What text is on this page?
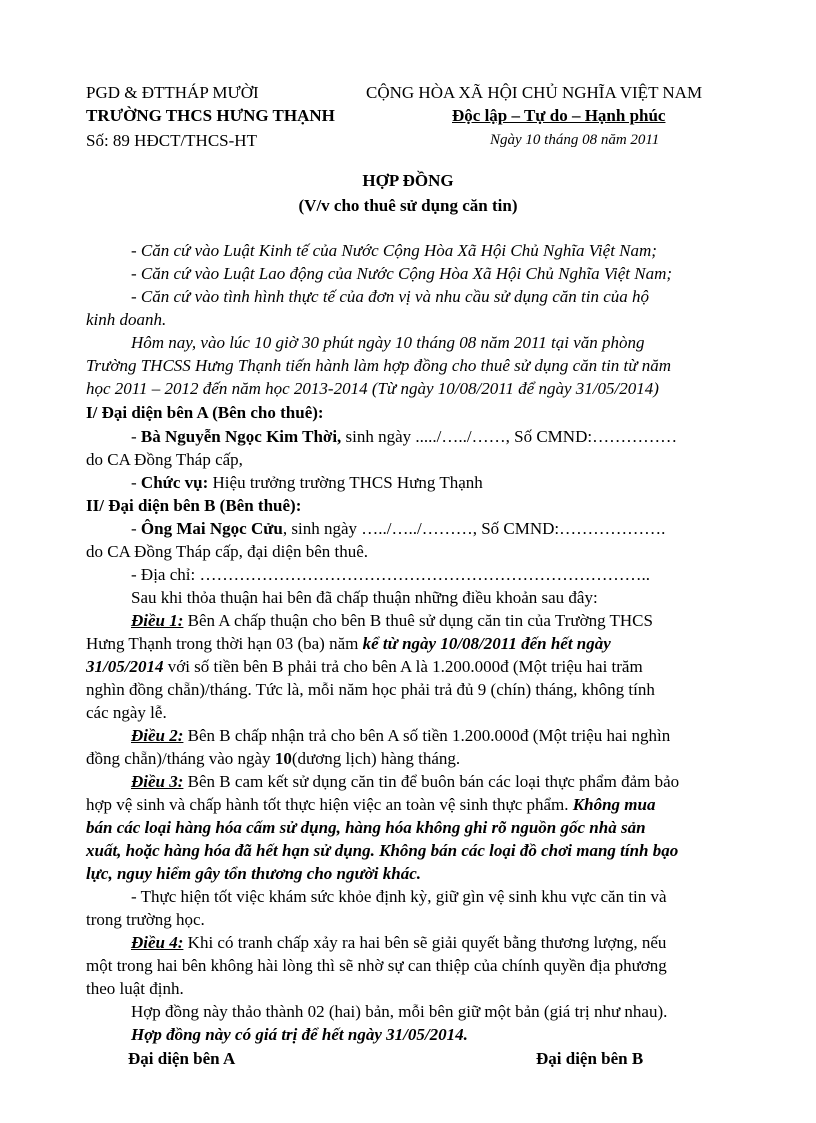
PGD & ĐTTHÁP MƯỜI
TRƯỜNG THCS HƯNG THẠNH
Số: 89 HĐCT/THCS-HT
CỘNG HÒA XÃ HỘI CHỦ NGHĨA VIỆT NAM
Độc lập – Tự do – Hạnh phúc
Ngày 10 tháng 08 năm 2011
HỢP ĐỒNG
(V/v cho thuê sử dụng căn tin)
- Căn cứ vào Luật Kinh tế của Nước Cộng Hòa Xã Hội Chủ Nghĩa Việt Nam;
- Căn cứ vào Luật Lao động của Nước Cộng Hòa Xã Hội Chủ Nghĩa Việt Nam;
- Căn cứ vào tình hình thực tế của đơn vị và nhu cầu sử dụng căn tin của hộ
kinh doanh.
Hôm nay, vào lúc 10 giờ 30 phút ngày 10 tháng 08 năm 2011 tại văn phòng
Trường THCSS Hưng Thạnh tiến hành làm hợp đồng cho thuê sử dụng căn tin từ năm
học 2011 – 2012 đến năm học 2013-2014 (Từ ngày 10/08/2011 để ngày 31/05/2014)
I/ Đại diện bên A (Bên cho thuê):
- Bà Nguyễn Ngọc Kim Thời, sinh ngày ...../…../……, Số CMND:……………
do CA Đồng Tháp cấp,
- Chức vụ: Hiệu trưởng trường THCS Hưng Thạnh
II/ Đại diện bên B (Bên thuê):
- Ông Mai Ngọc Cửu, sinh ngày …../…../………, Số CMND:……………….
do CA Đồng Tháp cấp, đại diện bên thuê.
- Địa chỉ: ……………………………………………………………………..
Sau khi thỏa thuận hai bên đã chấp thuận những điều khoản sau đây:
Điều 1: Bên A chấp thuận cho bên B thuê sử dụng căn tin của Trường THCS
Hưng Thạnh trong thời hạn 03 (ba) năm kể từ ngày 10/08/2011 đến hết ngày
31/05/2014 với số tiền bên B phải trả cho bên A là 1.200.000đ (Một triệu hai trăm
nghìn đồng chẵn)/tháng. Tức là, mỗi năm học phải trả đủ 9 (chín) tháng, không tính
các ngày lễ.
Điều 2: Bên B chấp nhận trả cho bên A số tiền 1.200.000đ (Một triệu hai nghìn
đồng chẵn)/tháng vào ngày 10(dương lịch) hàng tháng.
Điều 3: Bên B cam kết sử dụng căn tin để buôn bán các loại thực phẩm đảm bảo
hợp vệ sinh và chấp hành tốt thực hiện việc an toàn vệ sinh thực phẩm. Không mua
bán các loại hàng hóa cấm sử dụng, hàng hóa không ghi rõ nguồn gốc nhà sản
xuất, hoặc hàng hóa đã hết hạn sử dụng. Không bán các loại đồ chơi mang tính bạo
lực, nguy hiểm gây tổn thương cho người khác.
- Thực hiện tốt việc khám sức khỏe định kỳ, giữ gìn vệ sinh khu vực căn tin và
trong trường học.
Điều 4: Khi có tranh chấp xảy ra hai bên sẽ giải quyết bằng thương lượng, nếu
một trong hai bên không hài lòng thì sẽ nhờ sự can thiệp của chính quyền địa phương
theo luật định.
Hợp đồng này thảo thành 02 (hai) bản, mỗi bên giữ một bản (giá trị như nhau).
Hợp đồng này có giá trị để hết ngày 31/05/2014.
Đại diện bên A	Đại diện bên B
